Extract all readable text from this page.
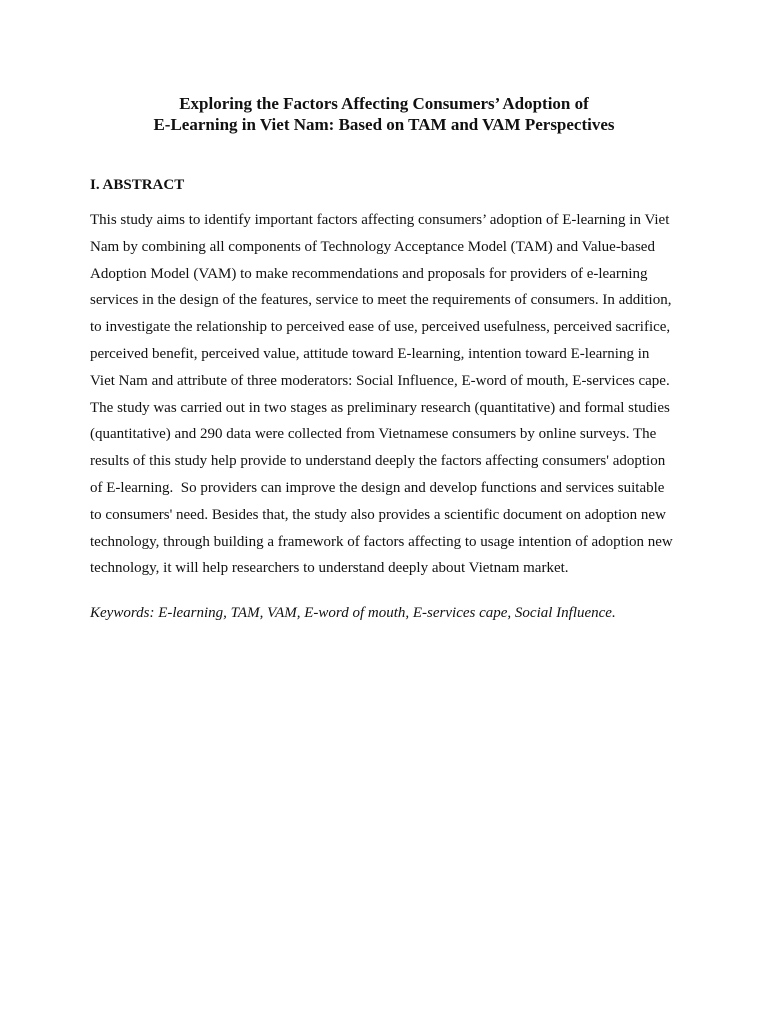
Exploring the Factors Affecting Consumers’ Adoption of
E-Learning in Viet Nam: Based on TAM and VAM Perspectives
I. ABSTRACT
This study aims to identify important factors affecting consumers’ adoption of E-learning in Viet
Nam by combining all components of Technology Acceptance Model (TAM) and Value-based
Adoption Model (VAM) to make recommendations and proposals for providers of e-learning
services in the design of the features, service to meet the requirements of consumers. In addition,
to investigate the relationship to perceived ease of use, perceived usefulness, perceived sacrifice,
perceived benefit, perceived value, attitude toward E-learning, intention toward E-learning in
Viet Nam and attribute of three moderators: Social Influence, E-word of mouth, E-services cape.
The study was carried out in two stages as preliminary research (quantitative) and formal studies
(quantitative) and 290 data were collected from Vietnamese consumers by online surveys. The
results of this study help provide to understand deeply the factors affecting consumers' adoption
of E-learning.  So providers can improve the design and develop functions and services suitable
to consumers' need. Besides that, the study also provides a scientific document on adoption new
technology, through building a framework of factors affecting to usage intention of adoption new
technology, it will help researchers to understand deeply about Vietnam market.

Keywords: E-learning, TAM, VAM, E-word of mouth, E-services cape, Social Influence.
